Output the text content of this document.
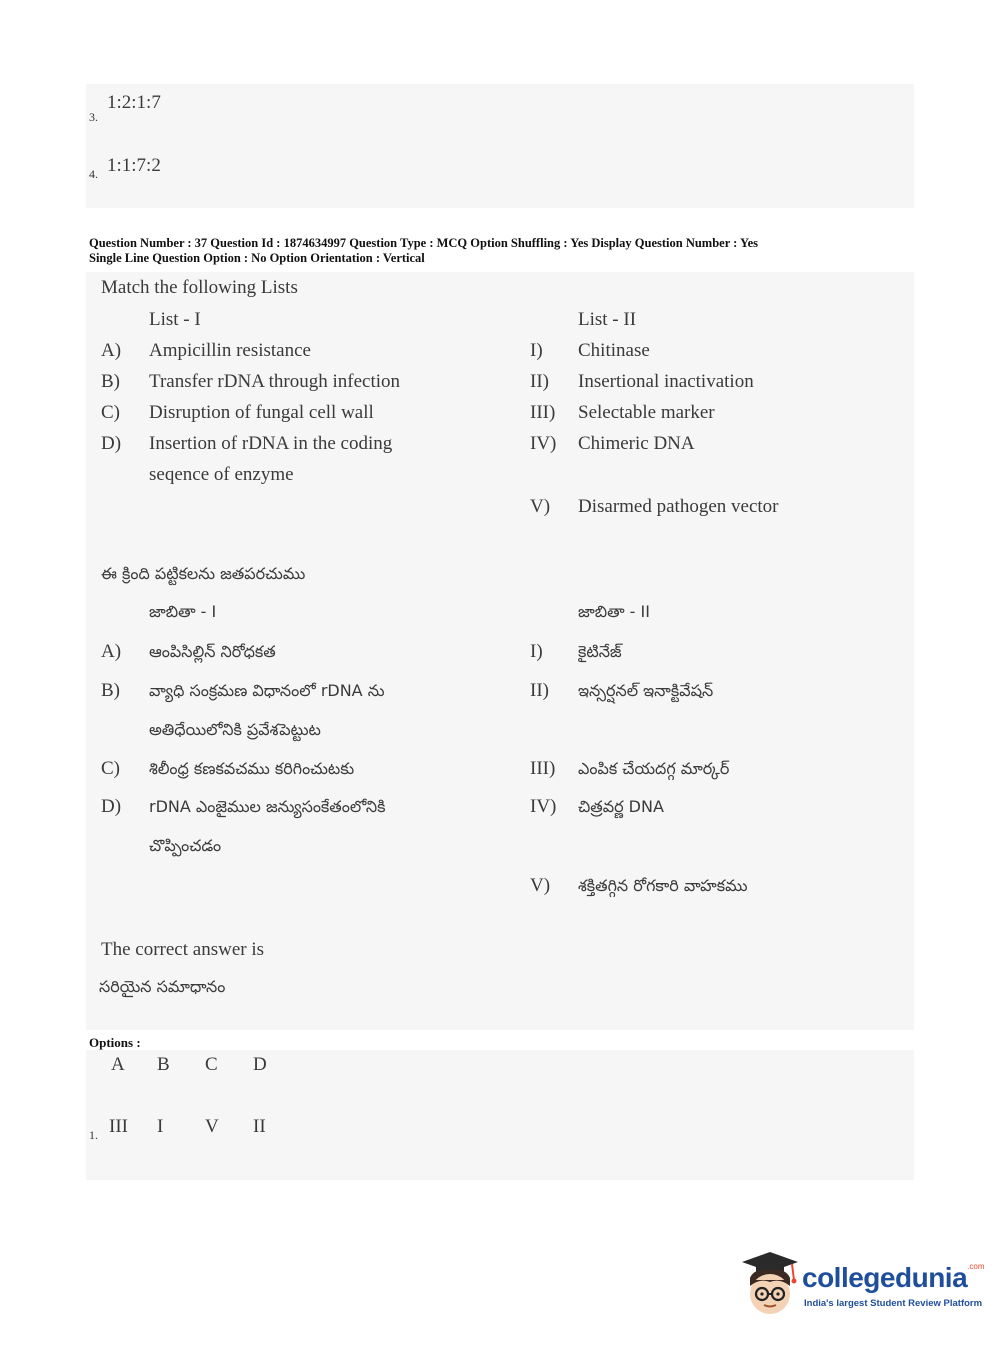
3.
1:2:1:7
4. 1:1:7:2
Question Number : 37 Question Id : 1874634997 Question Type : MCQ Option Shuffling : Yes Display Question Number : Yes
Single Line Question Option : No Option Orientation : Vertical
Match the following Lists
List - I	List - II
A) Ampicillin resistance
B) Transfer rDNA through infection
C) Disruption of fungal cell wall
D) Insertion of rDNA in the coding
seqence of enzyme
I) Chitinase
II) Insertional inactivation
III) Selectable marker
IV) Chimeric DNA
V) Disarmed pathogen vector
ఈ క్రింది పట్టికలను జతపరచుము
జాబితా - I	జాబితా - II
A) ఆంపిసిల్లిన్ నిరోధకత
B) వ్యాధి సంక్రమణ విధానంలో rDNA ను
అతిధేయిలోనికి ప్రవేశపెట్టుట
C) శిలీంధ్ర కణకవచము కరిగించుటకు
D) rDNA ఎంజైముల జన్యుసంకేతంలోనికి
చొప్పించడం
I) కైటినేజ్
II) ఇన్సర్షనల్ ఇనాక్టివేషన్
III) ఎంపిక చేయదగ్గ మార్కర్
IV) చిత్రవర్ణ DNA
V) శక్తితగ్గిన రోగకారి వాహకము
The correct answer is
సరియైన సమాధానం
Options :
A B C D
1. III I V II
collegedunia$^{.com}$
India's largest Student Review Platform
